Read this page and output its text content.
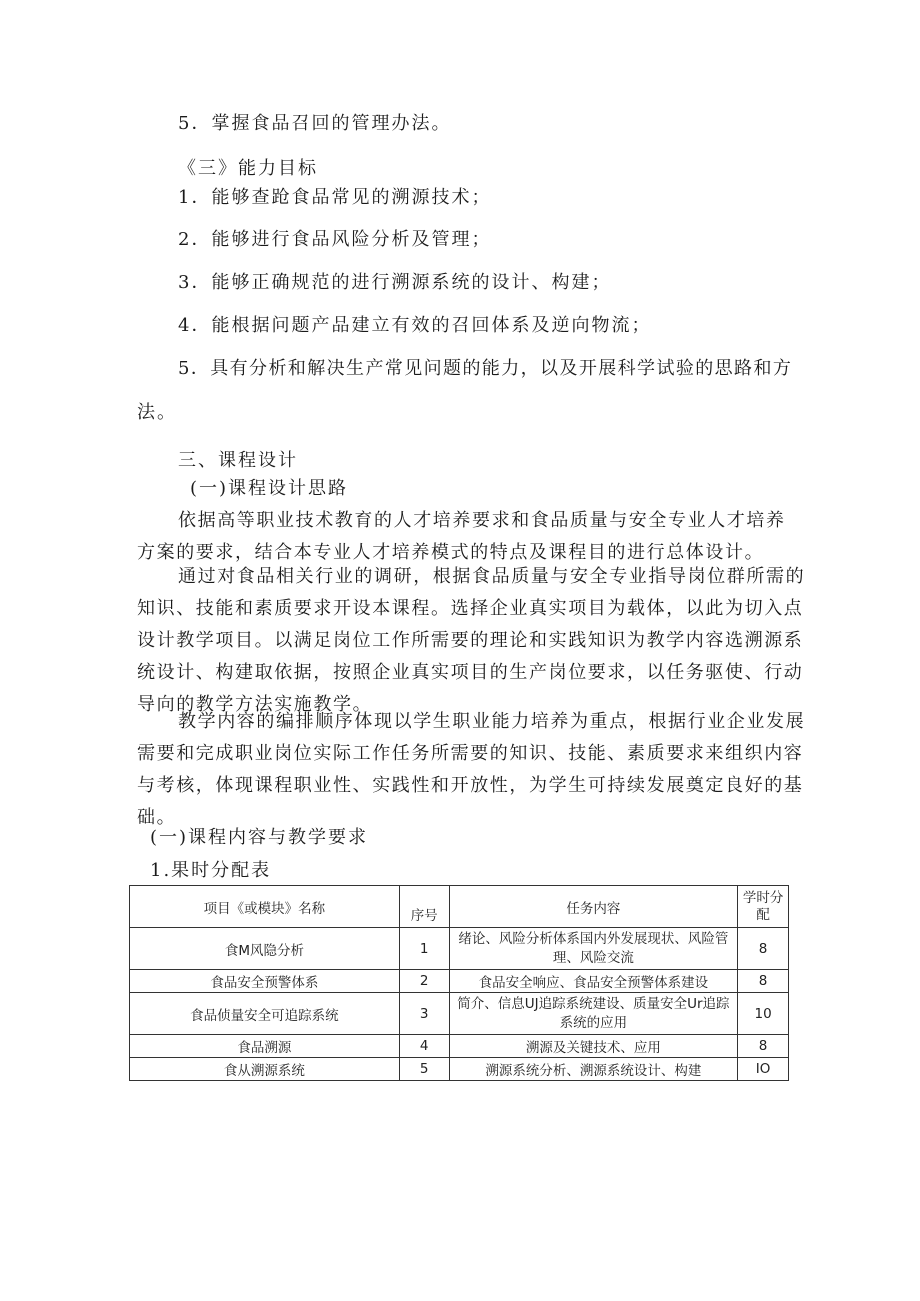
5．掌握食品召回的管理办法。
《三》能力目标
1．能够查跄食品常见的溯源技术；
2．能够进行食品风险分析及管理；
3．能够正确规范的进行溯源系统的设计、构建；
4．能根据问题产品建立有效的召回体系及逆向物流；
5．具有分析和解决生产常见问题的能力，以及开展科学试验的思路和方
法。
三、课程设计
(一)课程设计思路
依据高等职业技术教育的人才培养要求和食品质量与安全专业人才培养
方案的要求，结合本专业人才培养模式的特点及课程目的进行总体设计。
通过对食品相关行业的调研，根据食品质量与安全专业指导岗位群所需的
知识、技能和素质要求开设本课程。选择企业真实项目为载体，以此为切入点
设计教学项目。以满足岗位工作所需要的理论和实践知识为教学内容选溯源系
统设计、构建取依据，按照企业真实项目的生产岗位要求，以任务驱使、行动
导向的教学方法实施教学。
教学内容的编排顺序体现以学生职业能力培养为重点，根据行业企业发展
需要和完成职业岗位实际工作任务所需要的知识、技能、素质要求来组织内容
与考核，体现课程职业性、实践性和开放性，为学生可持续发展奠定良好的基
础。
(一)课程内容与教学要求
1.果时分配表
项目《或模块》名称	序号	任务内容	学时分配
食M风隐分析	1	绪论、风险分析体系国内外发展现状、风险管理、风险交流	8
食品安全预警体系	2	食品安全响应、食品安全预警体系建设	8
食品侦量安全可追踪系统	3	简介、信息UJ追踪系统建设、质量安全Ur追踪系统的应用	10
食品溯源	4	溯源及关键技术、应用	8
食从溯源系统	5	溯源系统分析、溯源系统设计、构建	IO
